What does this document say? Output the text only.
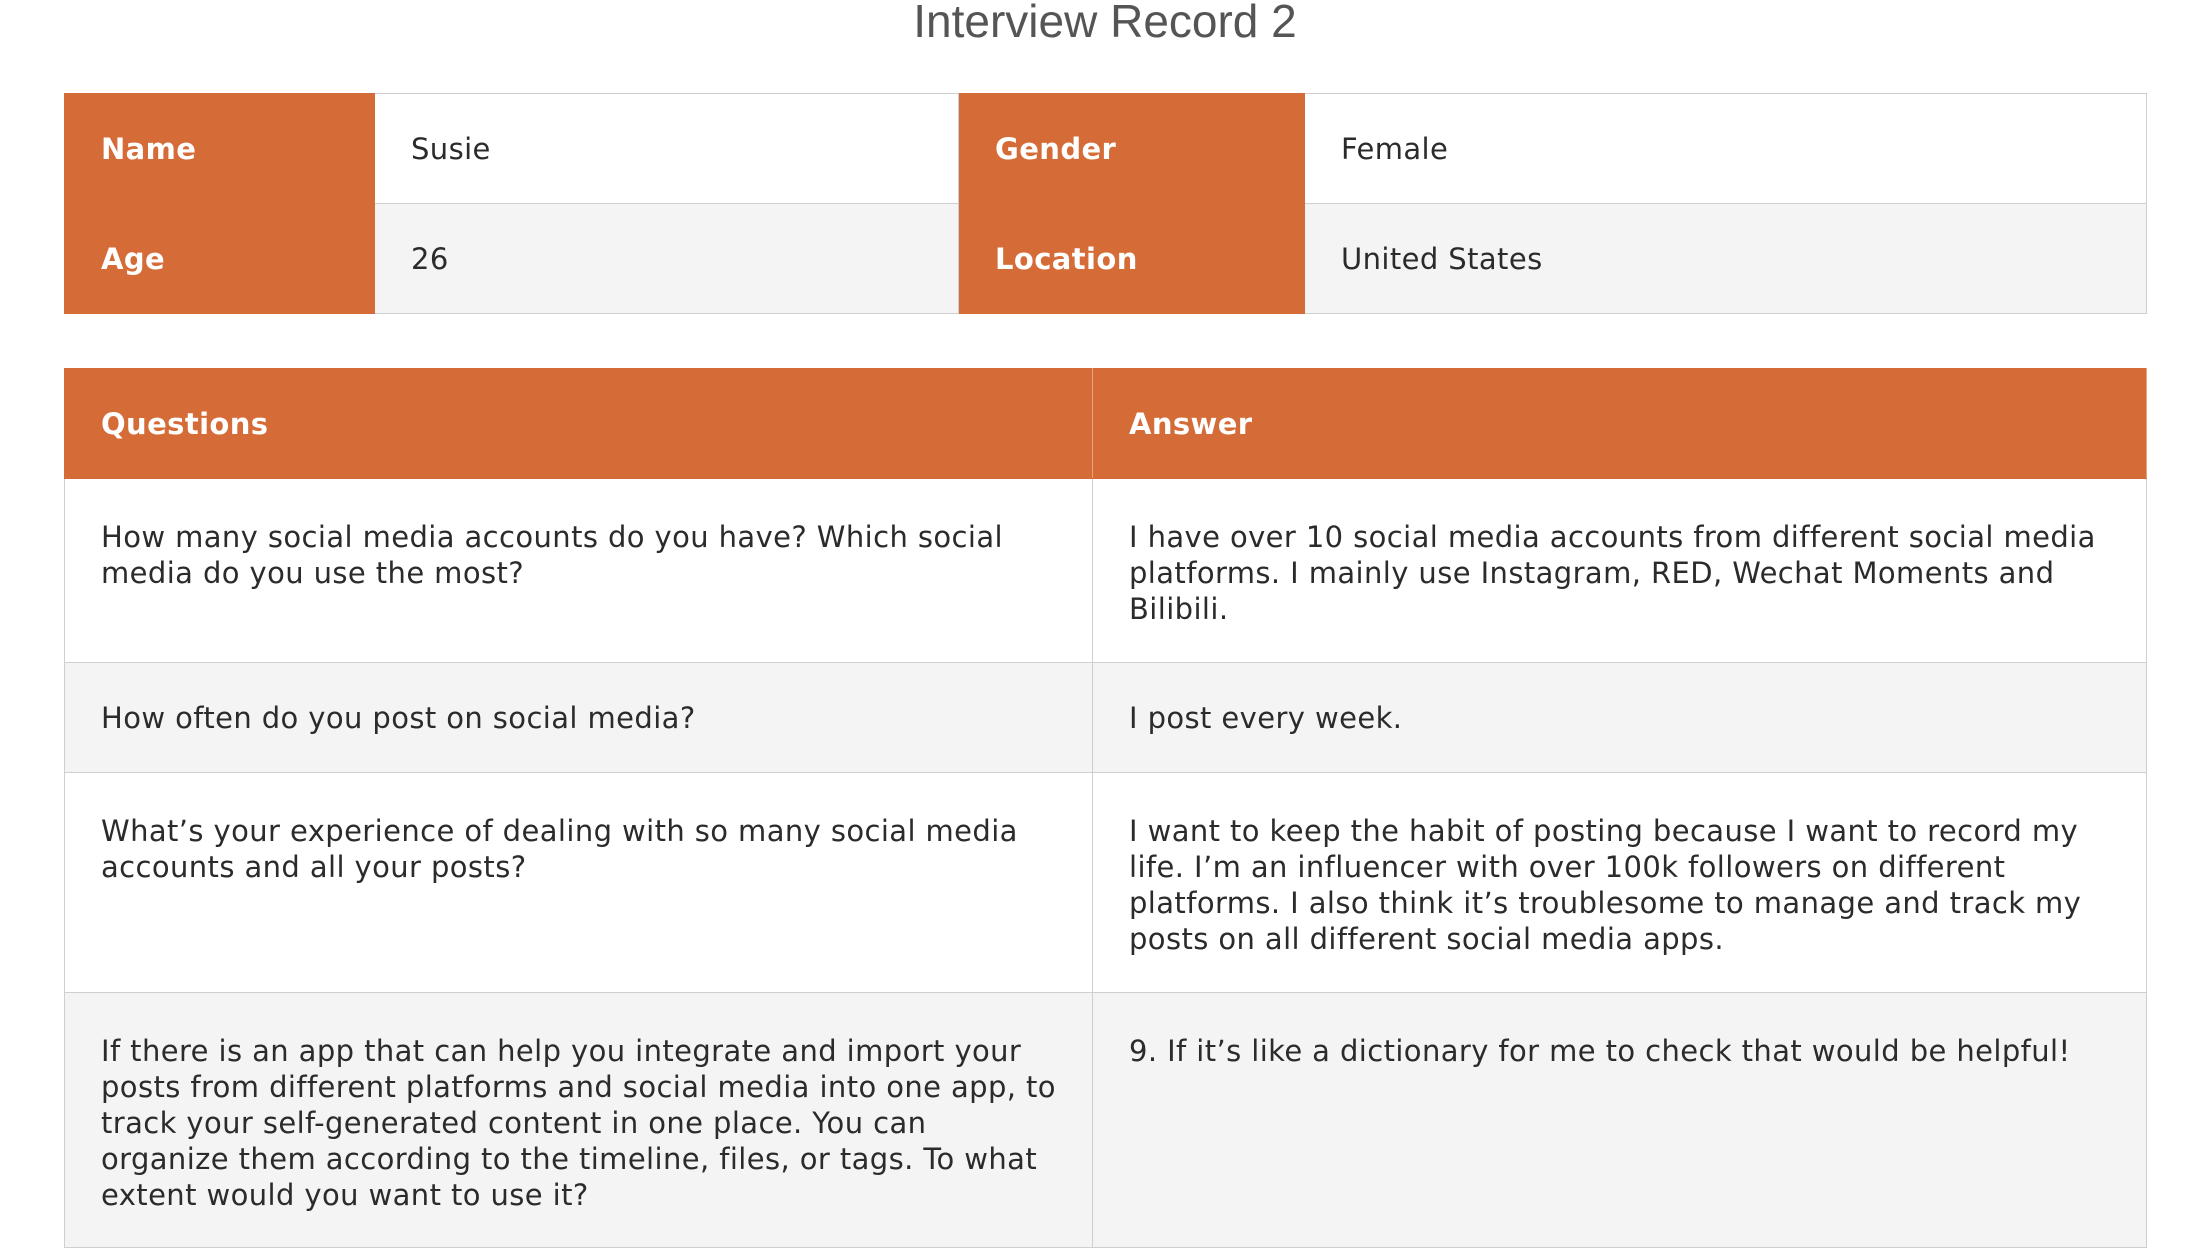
Interview Record 2
Name	Susie	Gender	Female
Age	26	Location	United States
Questions	Answer
How many social media accounts do you have? Which social media do you use the most?	I have over 10 social media accounts from different social media platforms. I mainly use Instagram, RED, Wechat Moments and Bilibili.
How often do you post on social media?	I post every week.
What’s your experience of dealing with so many social media accounts and all your posts?	I want to keep the habit of posting because I want to record my life. I’m an influencer with over 100k followers on different platforms. I also think it’s troublesome to manage and track my posts on all different social media apps.
If there is an app that can help you integrate and import your posts from different platforms and social media into one app, to track your self-generated content in one place. You can organize them according to the timeline, files, or tags. To what extent would you want to use it?	9. If it’s like a dictionary for me to check that would be helpful!
